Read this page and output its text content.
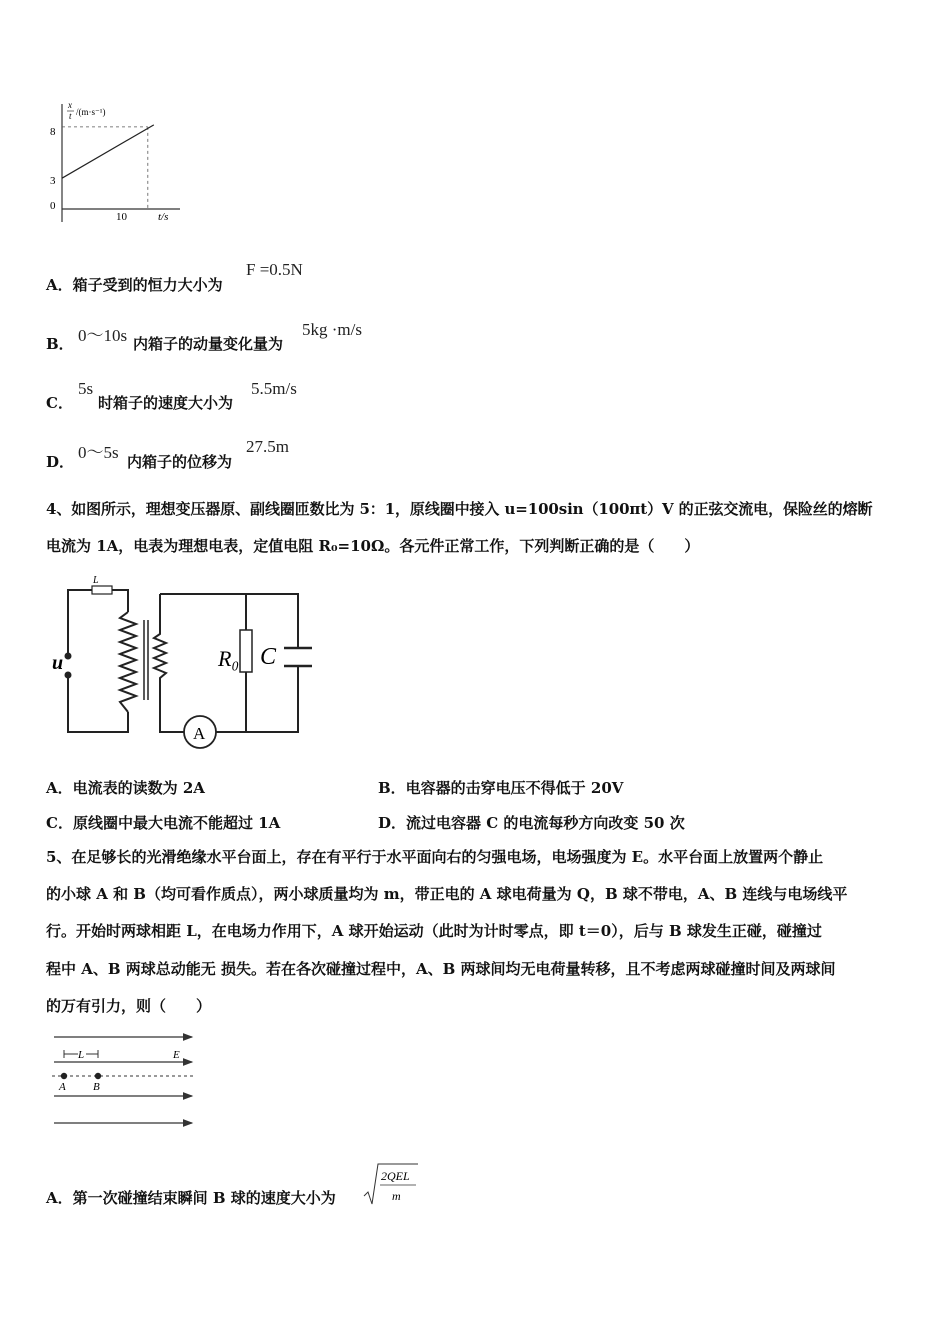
x
t /(m·s⁻¹)
8
3
0
10	t/s
A．箱子受到的恒力大小为
F =0.5N
B． 0～10s 内箱子的动量变化量为
5kg ·m/s
C．
5s
时箱子的速度大小为
5.5m/s
D． 0～5s 内箱子的位移为
27.5m
4、如图所示，理想变压器原、副线圈匝数比为 5：1，原线圈中接入 u=100sin（100πt）V 的正弦交流电，保险丝的熔断
电流为 1A，电表为理想电表，定值电阻 R₀=10Ω。各元件正常工作，下列判断正确的是（　　）
L
u	R₀ C
A
A．电流表的读数为 2A	B．电容器的击穿电压不得低于 20V
C．原线圈中最大电流不能超过 1A	D．流过电容器 C 的电流每秒方向改变 50 次
5、在足够长的光滑绝缘水平台面上，存在有平行于水平面向右的匀强电场，电场强度为 E。水平台面上放置两个静止
的小球 A 和 B（均可看作质点），两小球质量均为 m，带正电的 A 球电荷量为 Q，B 球不带电，A、B 连线与电场线平
行。开始时两球相距 L，在电场力作用下，A 球开始运动（此时为计时零点，即 t＝0），后与 B 球发生正碰，碰撞过
程中 A、B 两球总动能无 损失。若在各次碰撞过程中，A、B 两球间均无电荷量转移，且不考虑两球碰撞时间及两球间
的万有引力，则（　　）
L	E
A B
A．第一次碰撞结束瞬间 B 球的速度大小为
2QEL
m
